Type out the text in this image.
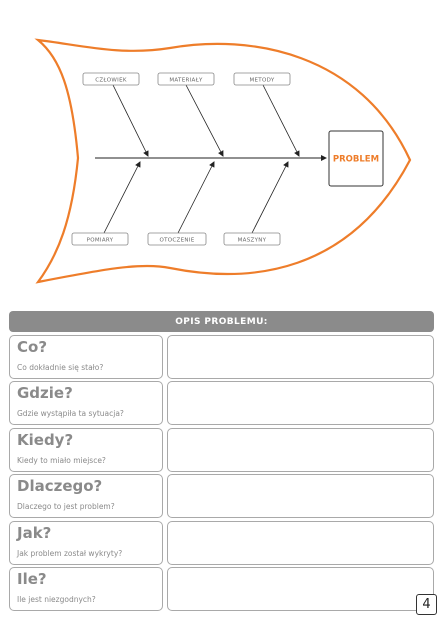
CZŁOWIEK	MATERIAŁY	METODY
POMIARY	OTOCZENIE	MASZYNY
PROBLEM
OPIS PROBLEMU:
Co?
Co dokładnie się stało?
Gdzie?
Gdzie wystąpiła ta sytuacja?
Kiedy?
Kiedy to miało miejsce?
Dlaczego?
Dlaczego to jest problem?
Jak?
Jak problem został wykryty?
Ile?
Ile jest niezgodnych?	4
